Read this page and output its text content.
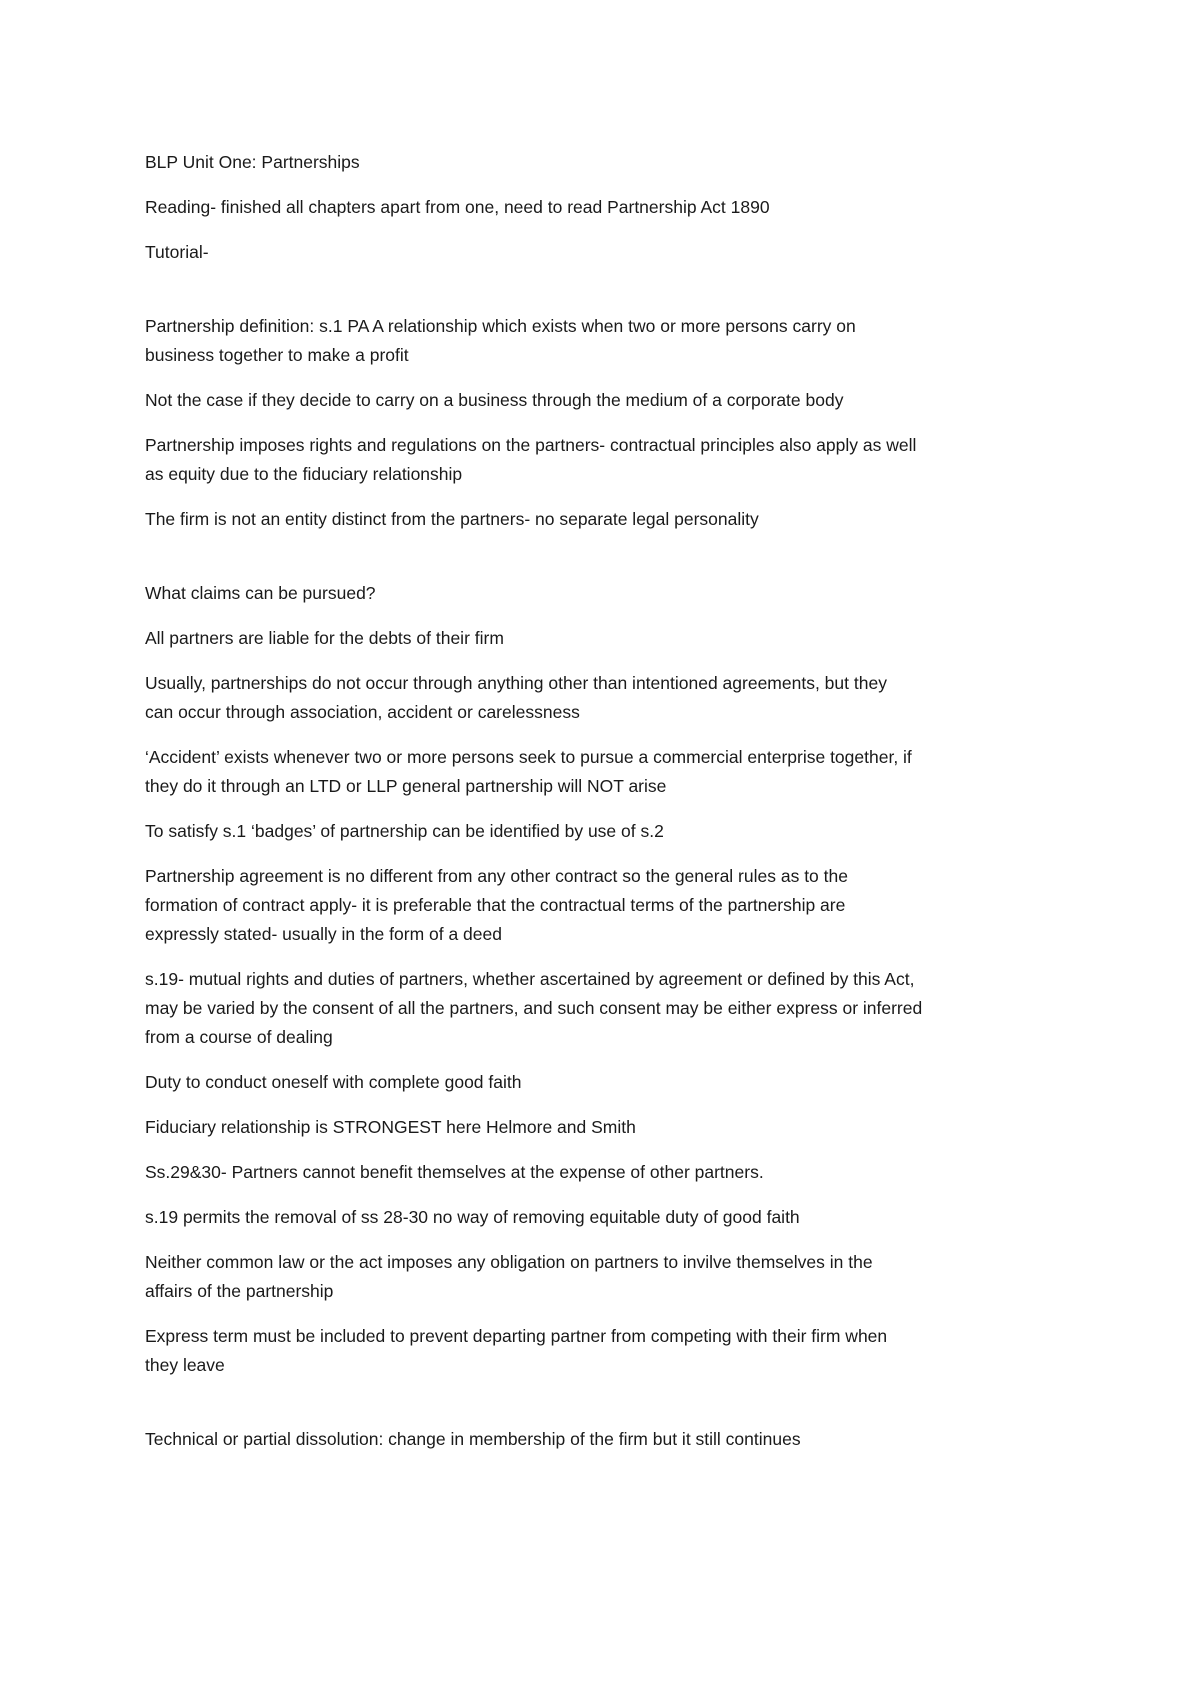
BLP Unit One: Partnerships

Reading- finished all chapters apart from one, need to read Partnership Act 1890

Tutorial-

Partnership definition: s.1 PA A relationship which exists when two or more persons carry on
business together to make a profit

Not the case if they decide to carry on a business through the medium of a corporate body

Partnership imposes rights and regulations on the partners- contractual principles also apply as well
as equity due to the fiduciary relationship

The firm is not an entity distinct from the partners- no separate legal personality

What claims can be pursued?

All partners are liable for the debts of their firm

Usually, partnerships do not occur through anything other than intentioned agreements, but they
can occur through association, accident or carelessness

‘Accident’ exists whenever two or more persons seek to pursue a commercial enterprise together, if
they do it through an LTD or LLP general partnership will NOT arise

To satisfy s.1 ‘badges’ of partnership can be identified by use of s.2

Partnership agreement is no different from any other contract so the general rules as to the
formation of contract apply- it is preferable that the contractual terms of the partnership are
expressly stated- usually in the form of a deed

s.19- mutual rights and duties of partners, whether ascertained by agreement or defined by this Act,
may be varied by the consent of all the partners, and such consent may be either express or inferred
from a course of dealing

Duty to conduct oneself with complete good faith

Fiduciary relationship is STRONGEST here Helmore and Smith

Ss.29&30- Partners cannot benefit themselves at the expense of other partners.

s.19 permits the removal of ss 28-30 no way of removing equitable duty of good faith

Neither common law or the act imposes any obligation on partners to invilve themselves in the
affairs of the partnership

Express term must be included to prevent departing partner from competing with their firm when
they leave

Technical or partial dissolution: change in membership of the firm but it still continues
